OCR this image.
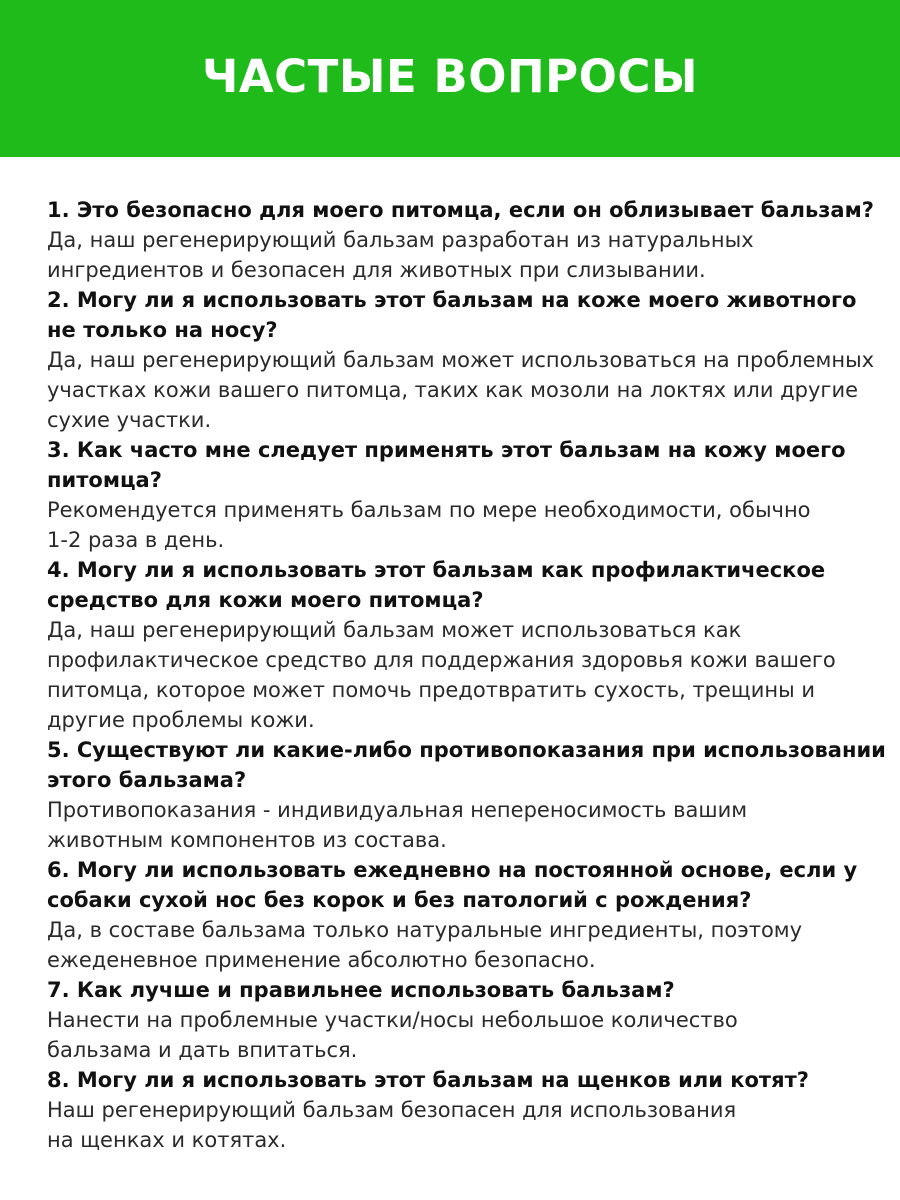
ЧАСТЫЕ ВОПРОСЫ
1. Это безопасно для моего питомца, если он облизывает бальзам?
Да, наш регенерирующий бальзам разработан из натуральных
ингредиентов и безопасен для животных при слизывании.
2. Могу ли я использовать этот бальзам на коже моего животного
не только на носу?
Да, наш регенерирующий бальзам может использоваться на проблемных
участках кожи вашего питомца, таких как мозоли на локтях или другие
сухие участки.
3. Как часто мне следует применять этот бальзам на кожу моего
питомца?
Рекомендуется применять бальзам по мере необходимости, обычно
1-2 раза в день.
4. Могу ли я использовать этот бальзам как профилактическое
средство для кожи моего питомца?
Да, наш регенерирующий бальзам может использоваться как
профилактическое средство для поддержания здоровья кожи вашего
питомца, которое может помочь предотвратить сухость, трещины и
другие проблемы кожи.
5. Существуют ли какие-либо противопоказания при использовании
этого бальзама?
Противопоказания - индивидуальная непереносимость вашим
животным компонентов из состава.
6. Могу ли использовать ежедневно на постоянной основе, если у
собаки сухой нос без корок и без патологий с рождения?
Да, в составе бальзама только натуральные ингредиенты, поэтому
ежеденевное применение абсолютно безопасно.
7. Как лучше и правильнее использовать бальзам?
Нанести на проблемные участки/носы небольшое количество
бальзама и дать впитаться.
8. Могу ли я использовать этот бальзам на щенков или котят?
Наш регенерирующий бальзам безопасен для использования
на щенках и котятах.
